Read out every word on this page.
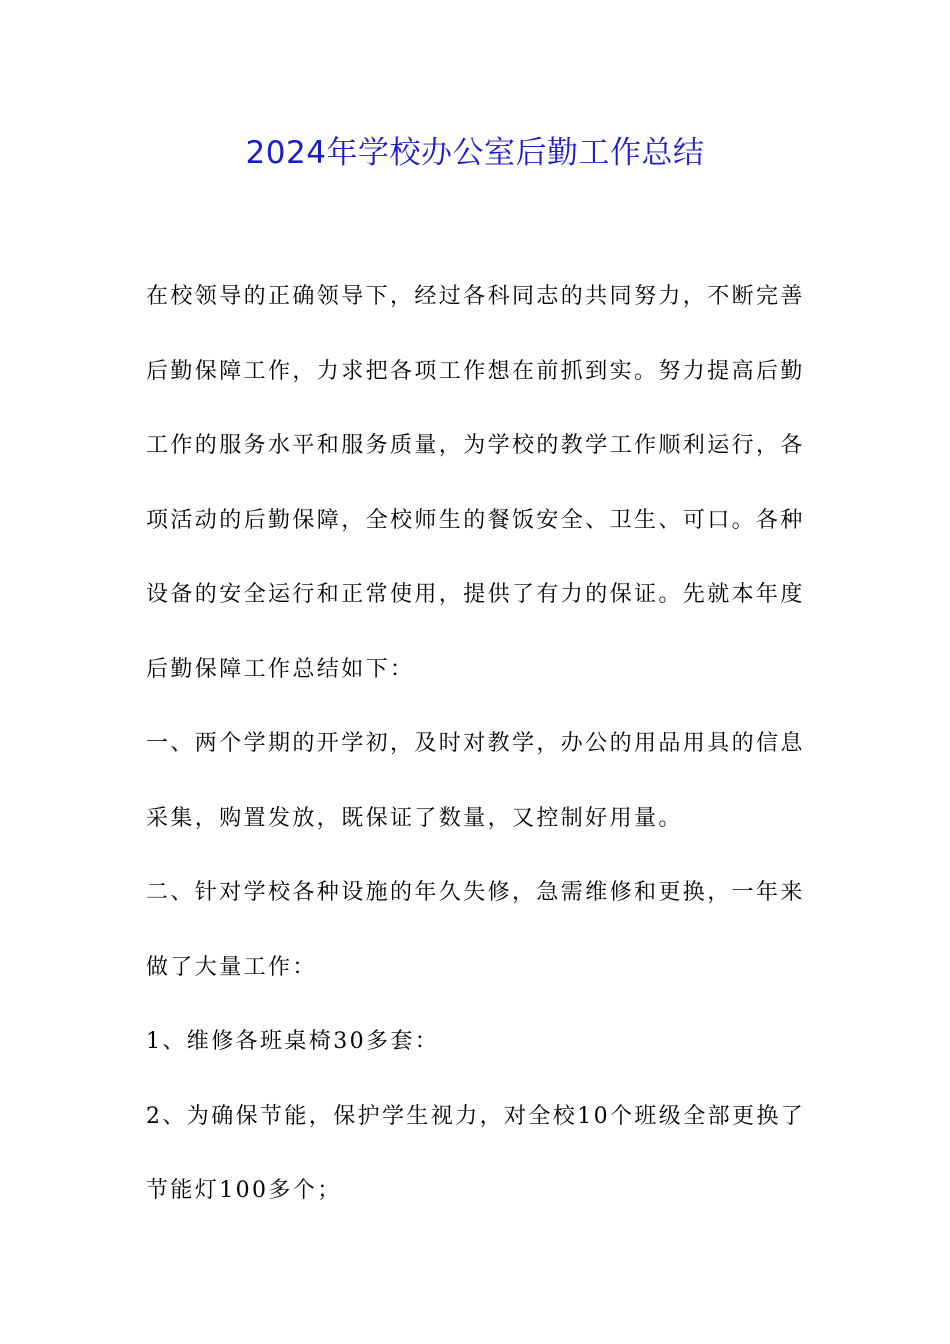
2024年学校办公室后勤工作总结

在校领导的正确领导下，经过各科同志的共同努力，不断完善后勤保障工作，力求把各项工作想在前抓到实。努力提高后勤工作的服务水平和服务质量，为学校的教学工作顺利运行，各项活动的后勤保障，全校师生的餐饭安全、卫生、可口。各种设备的安全运行和正常使用，提供了有力的保证。先就本年度后勤保障工作总结如下：

一、两个学期的开学初，及时对教学，办公的用品用具的信息采集，购置发放，既保证了数量，又控制好用量。

二、针对学校各种设施的年久失修，急需维修和更换，一年来做了大量工作：

1、维修各班桌椅30多套：

2、为确保节能，保护学生视力，对全校10个班级全部更换了节能灯100多个；
